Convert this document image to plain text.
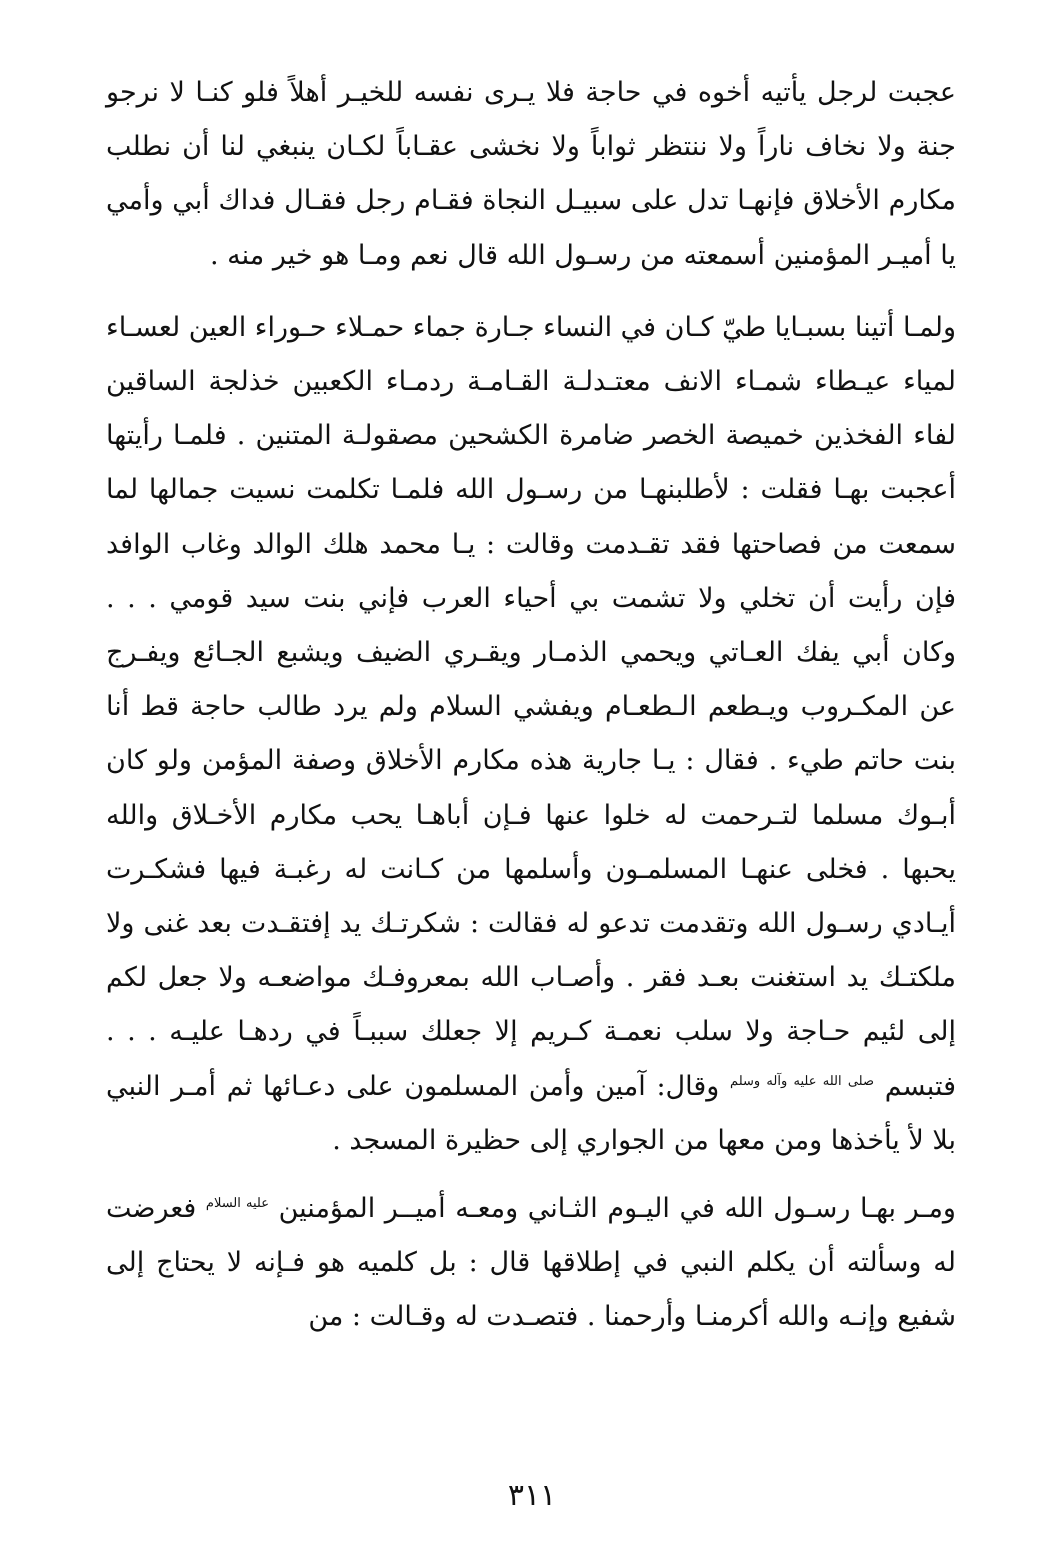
عجبت لرجل يأتيه أخوه في حاجة فلا يـرى نفسه للخيـر أهلاً فلو كنـا لا نرجو جنة ولا نخاف ناراً ولا ننتظر ثواباً ولا نخشى عقـاباً لكـان ينبغي لنا أن نطلب مكارم الأخلاق فإنهـا تدل على سبيـل النجاة فقـام رجل فقـال فداك أبي وأمي يا أميـر المؤمنين أسمعته من رسـول الله قال نعم ومـا هو خير منه .

ولمـا أتينا بسبـايا طيّ كـان في النساء جـارة جماء حمـلاء حـوراء العين لعسـاء لمياء عيـطاء شمـاء الانف معتـدلـة القـامـة ردمـاء الكعبين خذلجة الساقين لفاء الفخذين خميصة الخصر ضامرة الكشحين مصقولـة المتنين . فلمـا رأيتها أعجبت بهـا فقلت : لأطلبنهـا من رسـول الله فلمـا تكلمت نسيت جمالها لما سمعت من فصاحتها فقد تقـدمت وقالت : يـا محمد هلك الوالد وغاب الوافد فإن رأيت أن تخلي ولا تشمت بي أحياء العرب فإني بنت سيد قومي . . . وكان أبي يفك العـاتي ويحمي الذمـار ويقـري الضيف ويشبع الجـائع ويفـرج عن المكـروب ويـطعم الـطعـام ويفشي السلام ولم يرد طالب حاجة قط أنا بنت حاتم طيء . فقال : يـا جارية هذه مكارم الأخلاق وصفة المؤمن ولو كان أبـوك مسلما لتـرحمت له خلوا عنها فـإن أباهـا يحب مكارم الأخـلاق والله يحبها . فخلى عنهـا المسلمـون وأسلمها من كـانت له رغبـة فيها فشكـرت أيـادي رسـول الله وتقدمت تدعو له فقالت : شكرتـك يد إفتقـدت بعد غنى ولا ملكتـك يد استغنت بعـد فقر . وأصـاب الله بمعروفـك مواضعـه ولا جعل لكم إلى لئيم حـاجة ولا سلب نعمـة كـريم إلا جعلك سببـاً في ردهـا عليـه . . . فتبسم $^{صلى الله عليه وآله وسلم}$ وقال: آمين وأمن المسلمون على دعـائها ثم أمـر النبي بلا لأ يأخذها ومن معها من الجواري إلى حظيرة المسجد .

ومـر بهـا رسـول الله في اليـوم الثـاني ومعـه أميــر المؤمنين $^{عليه السلام}$ فعرضت له وسألته أن يكلم النبي في إطلاقها قال : بل كلميه هو فـإنه لا يحتاج إلى شفيع وإنـه والله أكرمنـا وأرحمنا . فتصـدت له وقـالت : من

٣١١
